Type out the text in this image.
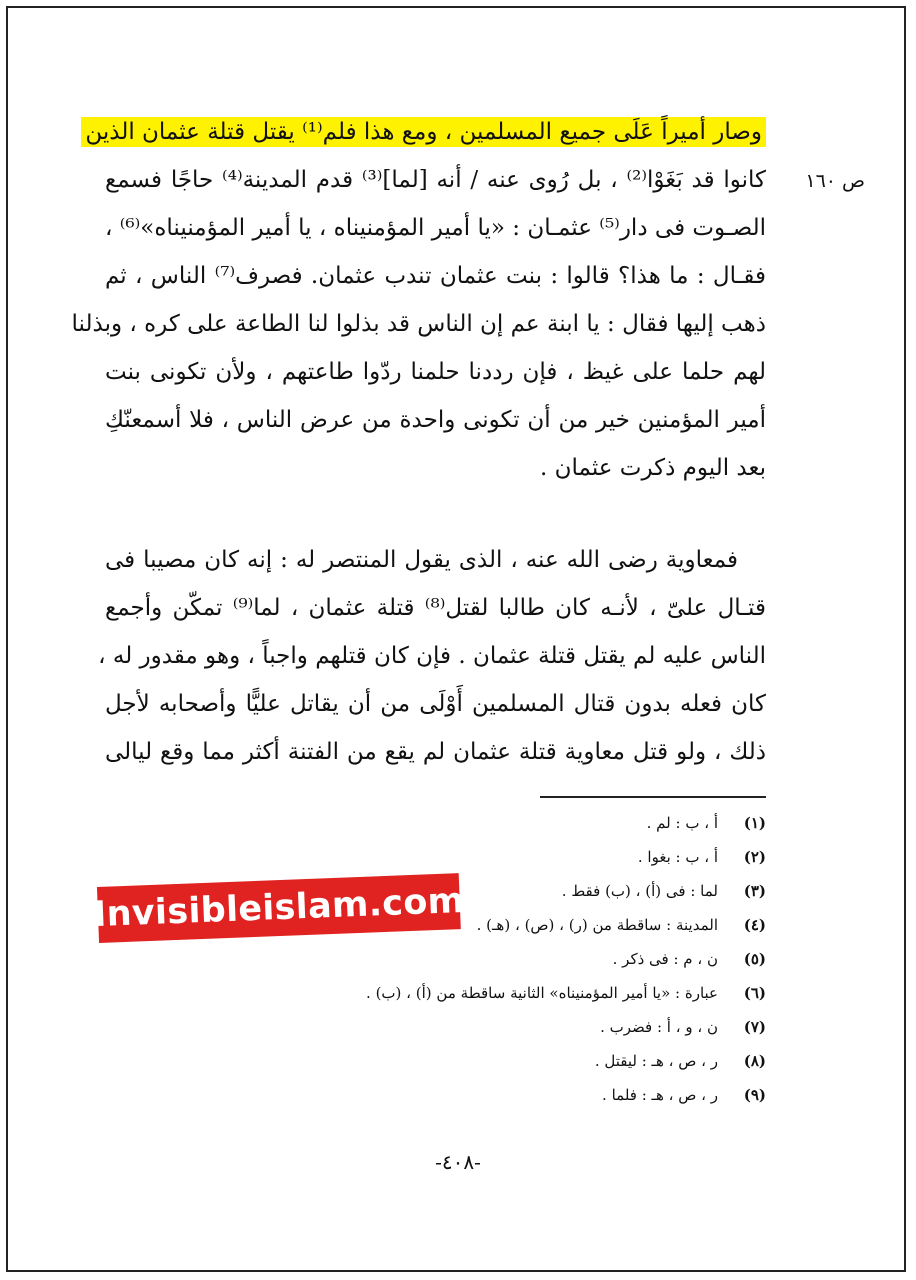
ص ١٦٠
وصار أميراً عَلَى جميع المسلمين ، ومع هذا فلم⁽¹⁾ يقتل قتلة عثمان الذين
كانوا قد بَغَوْا⁽²⁾ ، بل رُوى عنه / أنه [لما]⁽³⁾ قدم المدينة⁽⁴⁾ حاجًا فسمع
الصـوت فى دار⁽⁵⁾ عثمـان : «يا أمير المؤمنيناه ، يا أمير المؤمنيناه»⁽⁶⁾ ،
فقـال : ما هذا؟ قالوا : بنت عثمان تندب عثمان. فصرف⁽⁷⁾ الناس ، ثم
ذهب إليها فقال : يا ابنة عم إن الناس قد بذلوا لنا الطاعة على كره ، وبذلنا
لهم حلما على غيظ ، فإن رددنا حلمنا ردّوا طاعتهم ، ولأن تكونى بنت
أمير المؤمنين خير من أن تكونى واحدة من عرض الناس ، فلا أسمعنّكِ
بعد اليوم ذكرت عثمان .
فمعاوية رضى الله عنه ، الذى يقول المنتصر له : إنه كان مصيبا فى
قتـال علىّ ، لأنـه كان طالبا لقتل⁽⁸⁾ قتلة عثمان ، لما⁽⁹⁾ تمكّن وأجمع
الناس عليه لم يقتل قتلة عثمان . فإن كان قتلهم واجباً ، وهو مقدور له ،
كان فعله بدون قتال المسلمين أَوْلَى من أن يقاتل عليًّا وأصحابه لأجل
ذلك ، ولو قتل معاوية قتلة عثمان لم يقع من الفتنة أكثر مما وقع ليالى
(١)
أ ، ب : لم .
(٢)
أ ، ب : بغوا .
(٣)
لما : فى (أ) ، (ب) فقط .
(٤)
المدينة : ساقطة من (ر) ، (ص) ، (هـ) .
(٥)
ن ، م : فى ذكر .
(٦)
عبارة : «يا أمير المؤمنيناه» الثانية ساقطة من (أ) ، (ب) .
(٧)
ن ، و ، أ : فضرب .
(٨)
ر ، ص ، هـ : ليقتل .
(٩)
ر ، ص ، هـ : فلما .
-٤٠٨-
Invisibleislam.com
